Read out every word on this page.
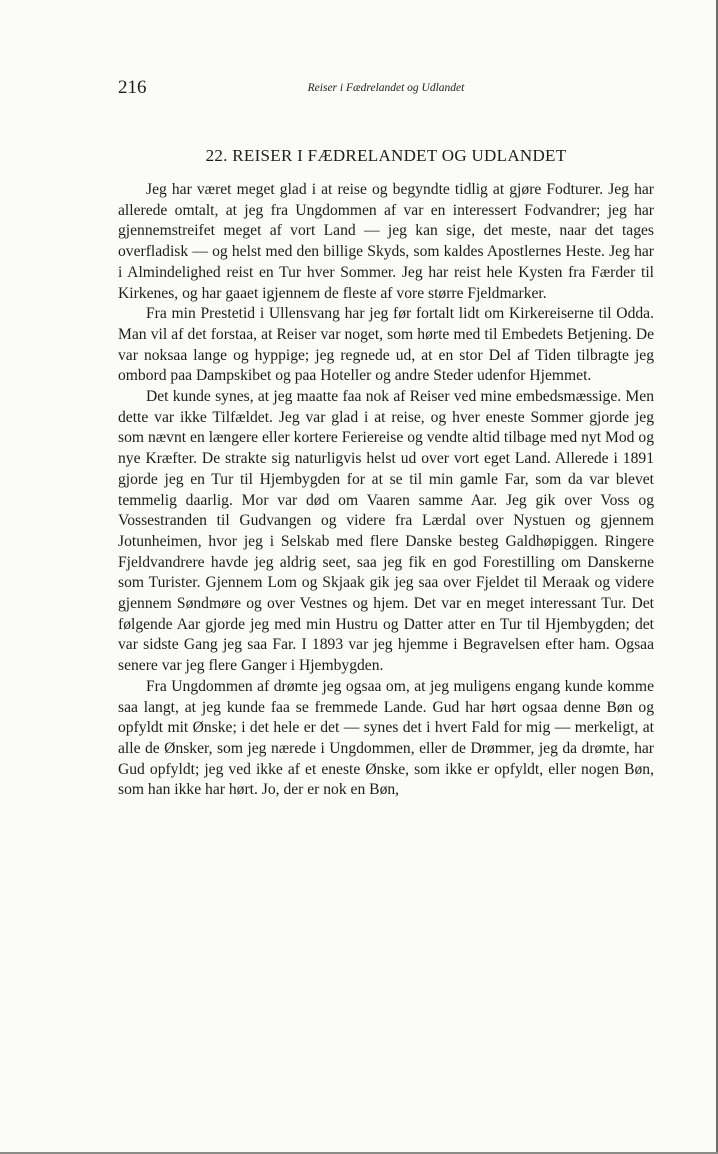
216	Reiser i Fædrelandet og Udlandet
22. REISER I FÆDRELANDET OG UDLANDET

Jeg har været meget glad i at reise og begyndte tidlig at gjøre Fodturer. Jeg har allerede omtalt, at jeg fra Ungdommen af var en interessert Fodvandrer; jeg har gjennemstreifet meget af vort Land — jeg kan sige, det meste, naar det tages overfladisk — og helst med den billige Skyds, som kaldes Apostlernes Heste. Jeg har i Almindelighed reist en Tur hver Sommer. Jeg har reist hele Kysten fra Færder til Kirkenes, og har gaaet igjennem de fleste af vore større Fjeldmarker.

Fra min Prestetid i Ullensvang har jeg før fortalt lidt om Kirkereiserne til Odda. Man vil af det forstaa, at Reiser var noget, som hørte med til Embedets Betjening. De var noksaa lange og hyppige; jeg regnede ud, at en stor Del af Tiden tilbragte jeg ombord paa Dampskibet og paa Hoteller og andre Steder udenfor Hjemmet.

Det kunde synes, at jeg maatte faa nok af Reiser ved mine embedsmæssige. Men dette var ikke Tilfældet. Jeg var glad i at reise, og hver eneste Sommer gjorde jeg som nævnt en længere eller kortere Feriereise og vendte altid tilbage med nyt Mod og nye Kræfter. De strakte sig naturligvis helst ud over vort eget Land. Allerede i 1891 gjorde jeg en Tur til Hjembygden for at se til min gamle Far, som da var blevet temmelig daarlig. Mor var død om Vaaren samme Aar. Jeg gik over Voss og Vossestranden til Gudvangen og videre fra Lærdal over Nystuen og gjennem Jotunheimen, hvor jeg i Selskab med flere Danske besteg Galdhøpiggen. Ringere Fjeldvandrere havde jeg aldrig seet, saa jeg fik en god Forestilling om Danskerne som Turister. Gjennem Lom og Skjaak gik jeg saa over Fjeldet til Meraak og videre gjennem Søndmøre og over Vestnes og hjem. Det var en meget interessant Tur. Det følgende Aar gjorde jeg med min Hustru og Datter atter en Tur til Hjembygden; det var sidste Gang jeg saa Far. I 1893 var jeg hjemme i Begravelsen efter ham. Ogsaa senere var jeg flere Ganger i Hjembygden.

Fra Ungdommen af drømte jeg ogsaa om, at jeg muligens engang kunde komme saa langt, at jeg kunde faa se fremmede Lande. Gud har hørt ogsaa denne Bøn og opfyldt mit Ønske; i det hele er det — synes det i hvert Fald for mig — merkeligt, at alle de Ønsker, som jeg nærede i Ungdommen, eller de Drømmer, jeg da drømte, har Gud opfyldt; jeg ved ikke af et eneste Ønske, som ikke er opfyldt, eller nogen Bøn, som han ikke har hørt. Jo, der er nok en Bøn,
